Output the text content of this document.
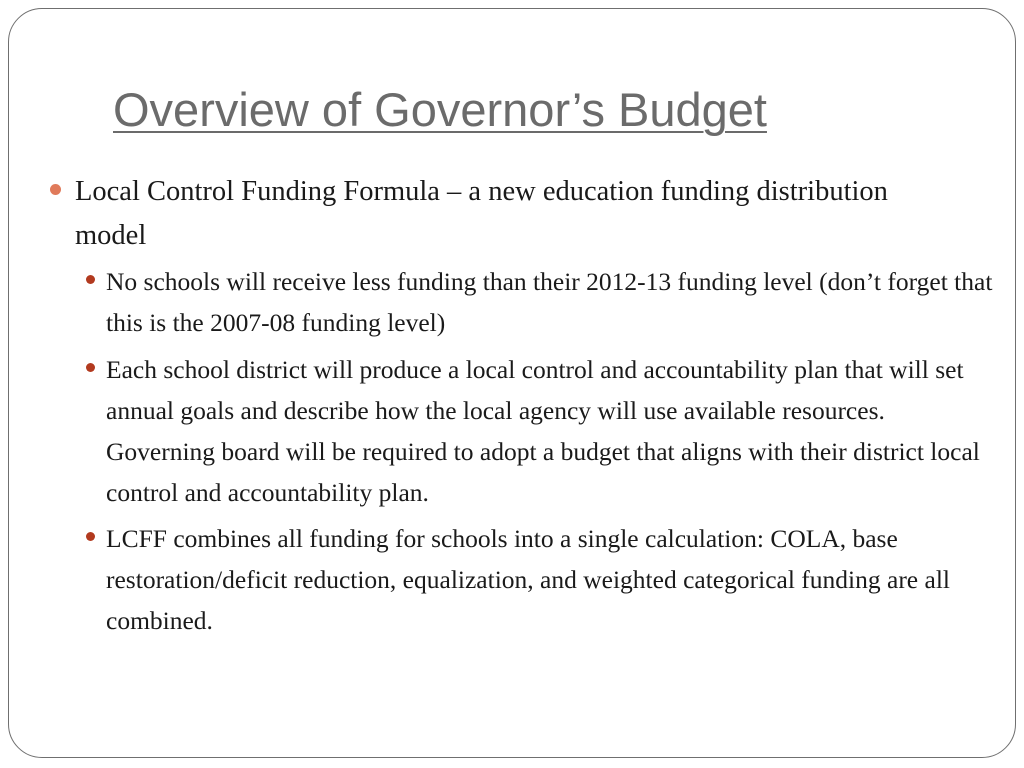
Overview of Governor’s Budget
Local Control Funding Formula – a new education funding distribution model
No schools will receive less funding than their 2012-13 funding level (don’t forget that this is the 2007-08 funding level)
Each school district will produce a local control and accountability plan that will set annual goals and describe how the local agency will use available resources. Governing board will be required to adopt a budget that aligns with their district local control and accountability plan.
LCFF combines all funding for schools into a single calculation: COLA, base restoration/deficit reduction, equalization, and weighted categorical funding are all combined.
